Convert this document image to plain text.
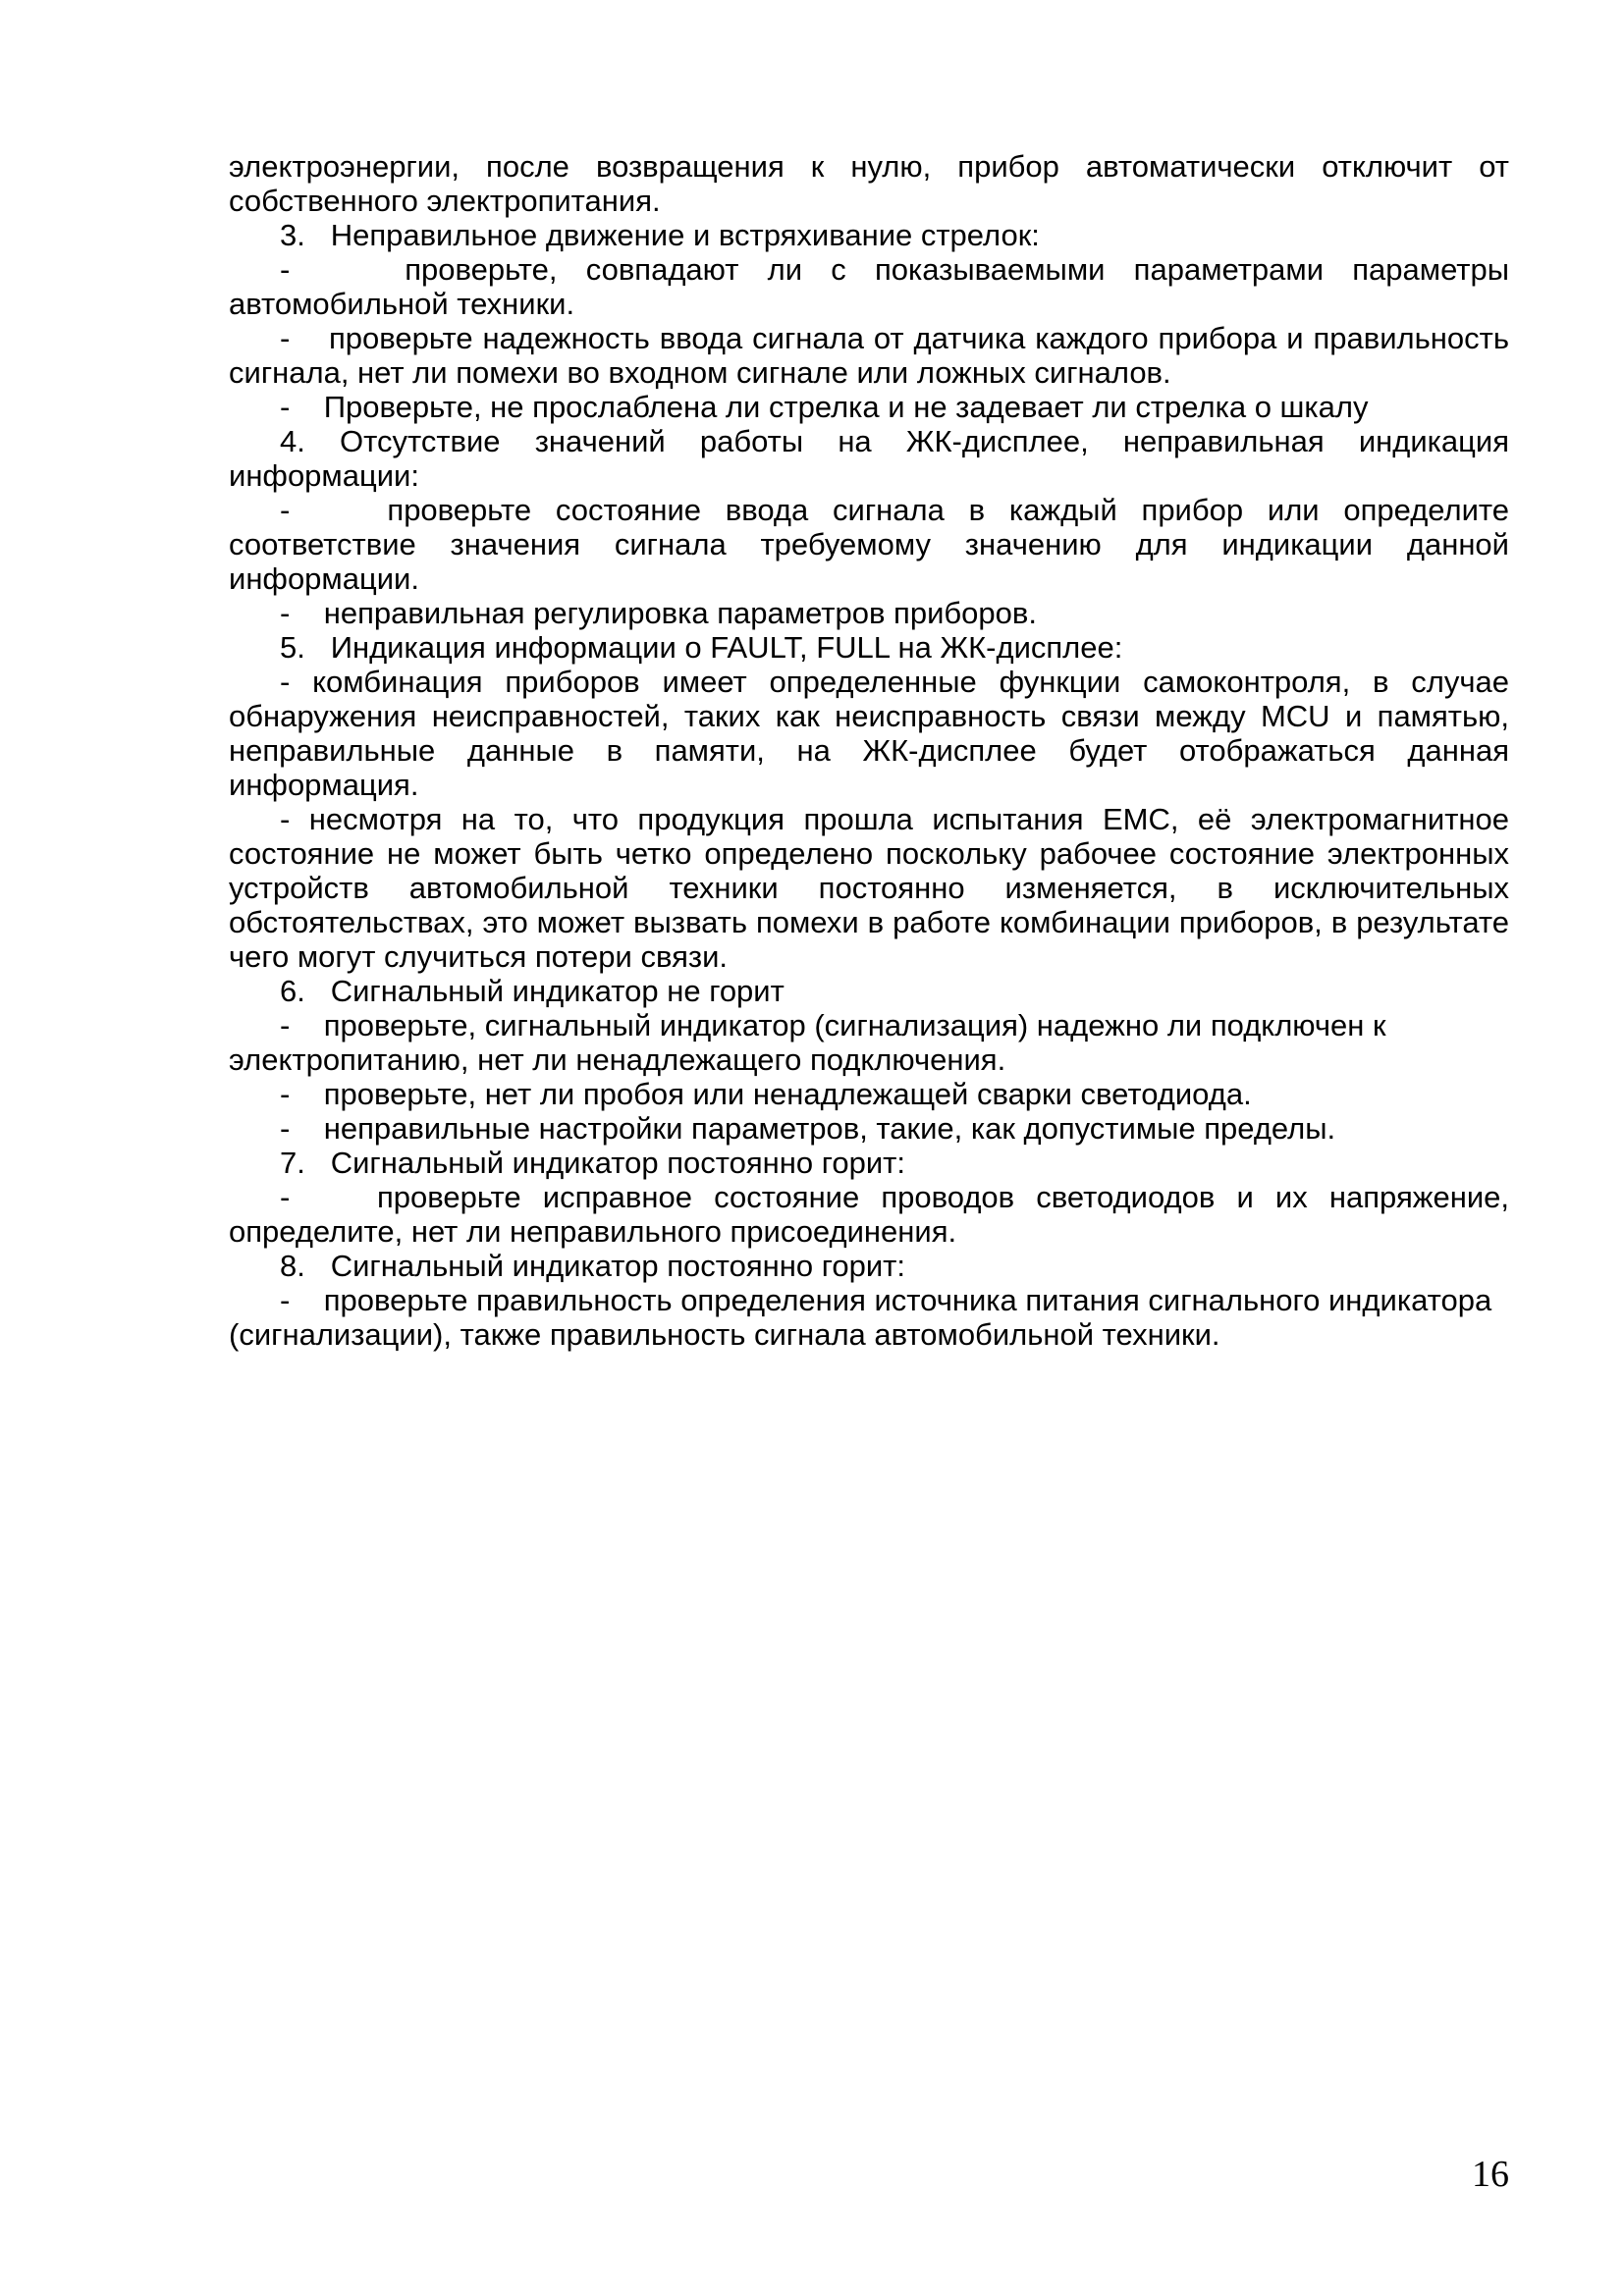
электроэнергии, после возвращения к нулю, прибор автоматически отключит от собственного электропитания.

3.   Неправильное движение и встряхивание стрелок:

-    проверьте, совпадают ли с показываемыми параметрами параметры автомобильной техники.

-    проверьте надежность ввода сигнала от датчика каждого прибора и правильность сигнала, нет ли помехи во входном сигнале или ложных сигналов.

-    Проверьте, не прослаблена ли стрелка и не задевает ли стрелка о шкалу

4. Отсутствие значений работы на ЖК-дисплее, неправильная индикация информации:

-    проверьте состояние ввода сигнала в каждый прибор или определите соответствие значения сигнала требуемому значению для индикации данной информации.

-    неправильная регулировка параметров приборов.

5.   Индикация информации о FAULT, FULL на ЖК-дисплее:

- комбинация приборов имеет определенные функции самоконтроля, в случае обнаружения неисправностей, таких как неисправность связи между MCU и памятью, неправильные данные в памяти, на ЖК-дисплее будет отображаться данная информация.

- несмотря на то, что продукция прошла испытания EMC, её электромагнитное состояние не может быть четко определено поскольку рабочее состояние электронных устройств автомобильной техники постоянно изменяется, в исключительных обстоятельствах, это может вызвать помехи в работе комбинации приборов, в результате чего могут случиться потери связи.

6.   Сигнальный индикатор не горит

-    проверьте, сигнальный индикатор (сигнализация) надежно ли подключен к электропитанию, нет ли ненадлежащего подключения.

-    проверьте, нет ли пробоя или ненадлежащей сварки светодиода.

-    неправильные настройки параметров, такие, как допустимые пределы.

7.   Сигнальный индикатор постоянно горит:

-    проверьте исправное состояние проводов светодиодов и их напряжение, определите, нет ли неправильного присоединения.

8.   Сигнальный индикатор постоянно горит:

-    проверьте правильность определения источника питания сигнального индикатора (сигнализации), также правильность сигнала автомобильной техники.

16
